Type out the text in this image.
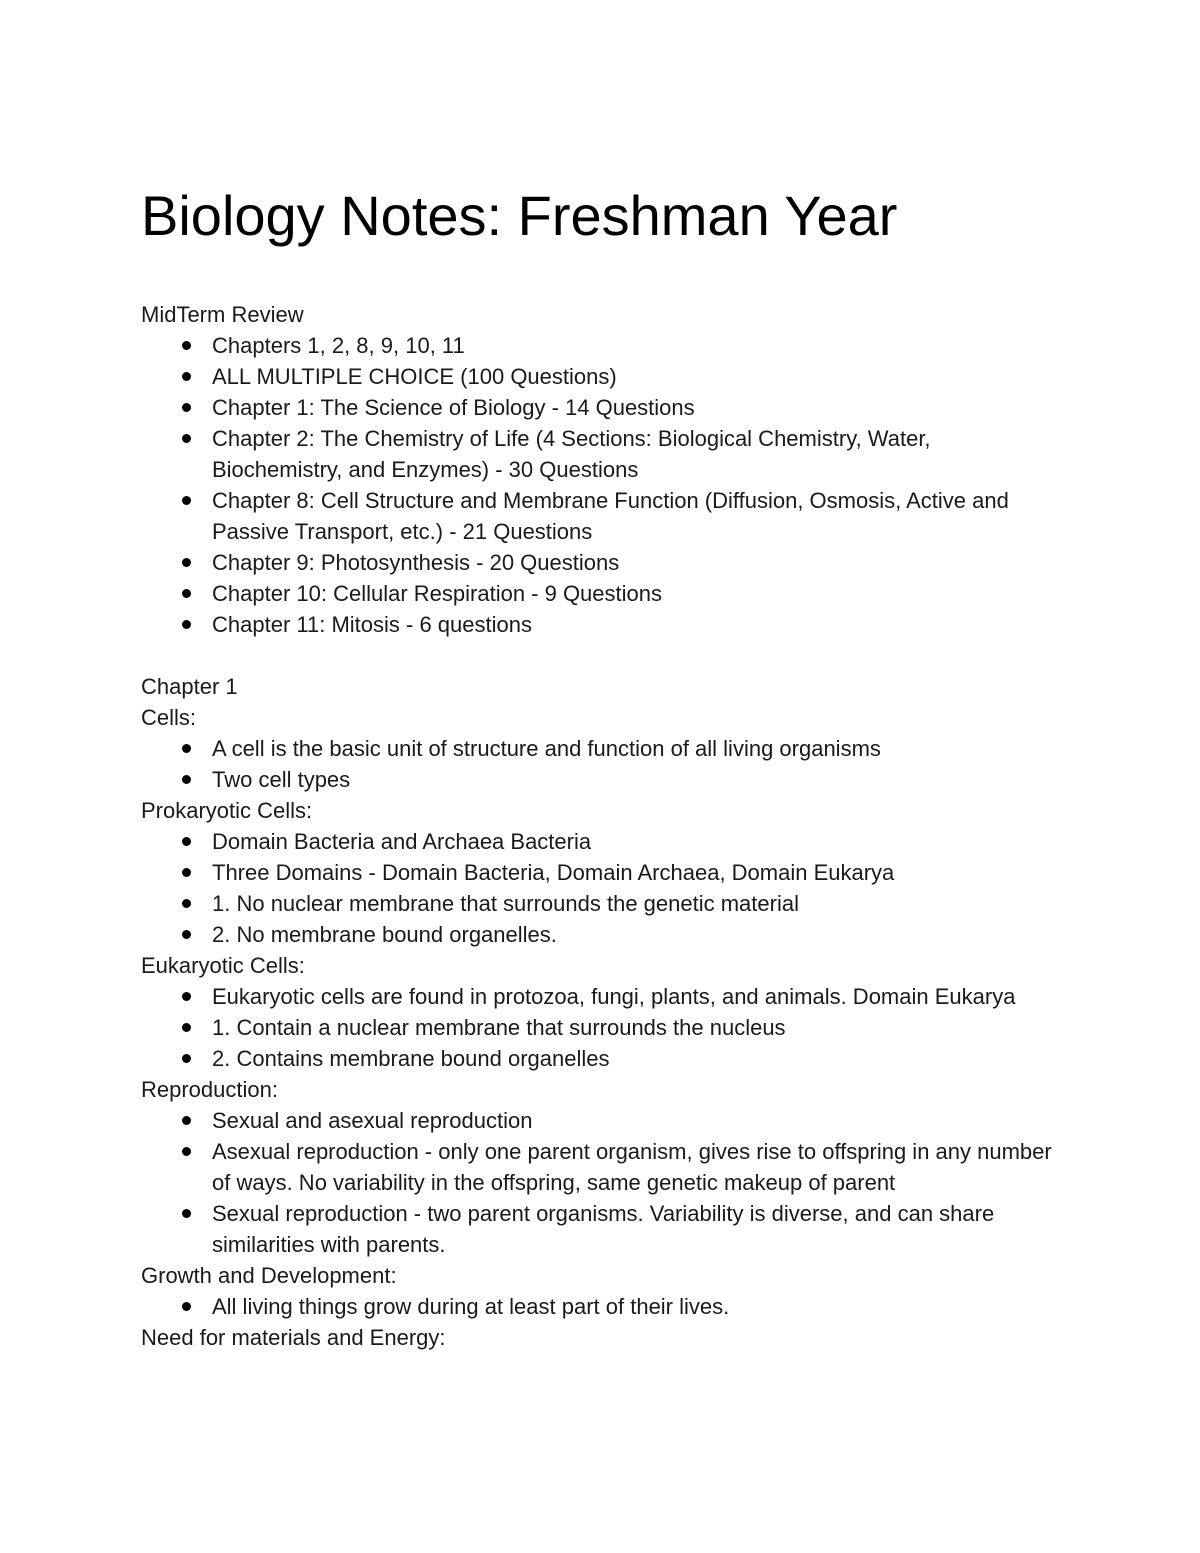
Biology Notes: Freshman Year

MidTerm Review

Chapters 1, 2, 8, 9, 10, 11
ALL MULTIPLE CHOICE (100 Questions)
Chapter 1: The Science of Biology - 14 Questions
Chapter 2: The Chemistry of Life (4 Sections: Biological Chemistry, Water, Biochemistry, and Enzymes) - 30 Questions
Chapter 8: Cell Structure and Membrane Function (Diffusion, Osmosis, Active and Passive Transport, etc.) - 21 Questions
Chapter 9: Photosynthesis - 20 Questions
Chapter 10: Cellular Respiration - 9 Questions
Chapter 11: Mitosis - 6 questions

Chapter 1

Cells:

A cell is the basic unit of structure and function of all living organisms
Two cell types

Prokaryotic Cells:

Domain Bacteria and Archaea Bacteria
Three Domains - Domain Bacteria, Domain Archaea, Domain Eukarya
1. No nuclear membrane that surrounds the genetic material
2. No membrane bound organelles.

Eukaryotic Cells:

Eukaryotic cells are found in protozoa, fungi, plants, and animals. Domain Eukarya
1. Contain a nuclear membrane that surrounds the nucleus
2. Contains membrane bound organelles

Reproduction:

Sexual and asexual reproduction
Asexual reproduction - only one parent organism, gives rise to offspring in any number of ways. No variability in the offspring, same genetic makeup of parent
Sexual reproduction - two parent organisms. Variability is diverse, and can share similarities with parents.

Growth and Development:

All living things grow during at least part of their lives.

Need for materials and Energy:
